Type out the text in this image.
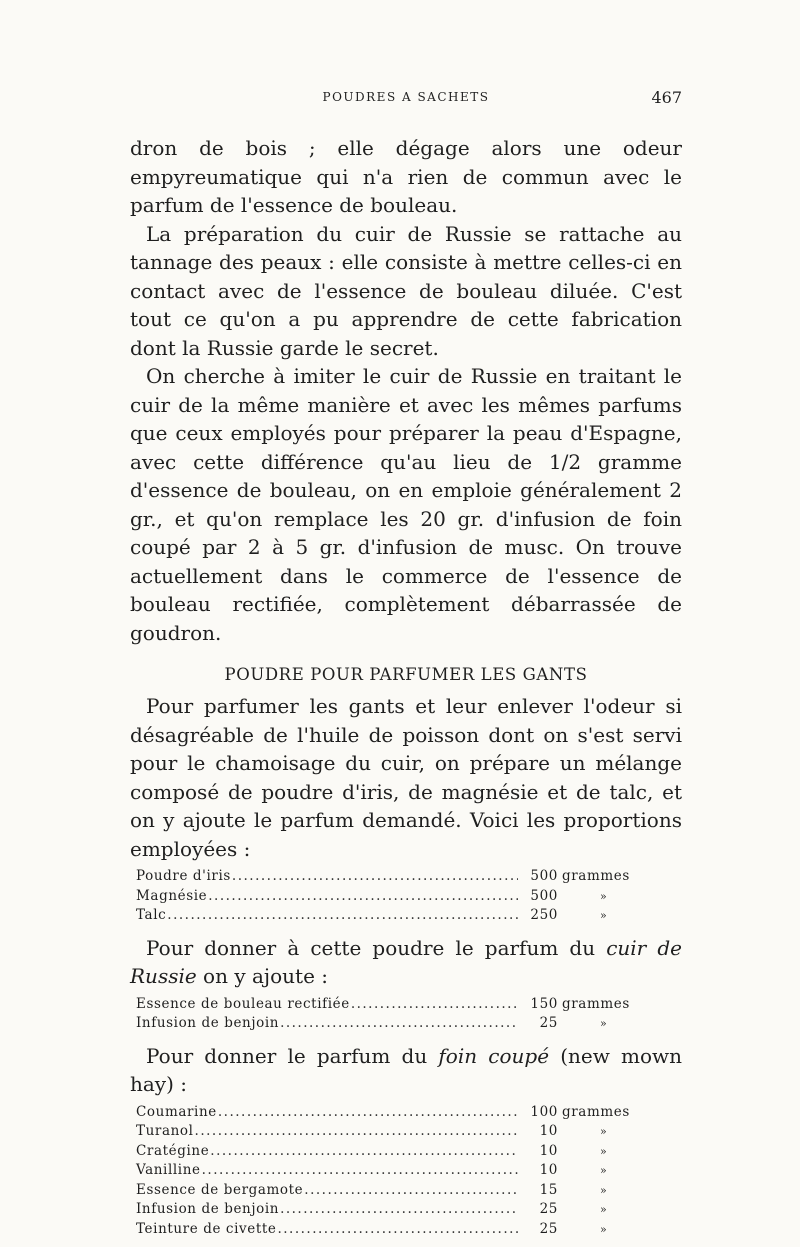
POUDRES A SACHETS	467

dron de bois ; elle dégage alors une odeur empyreumatique qui n'a rien de commun avec le parfum de l'essence de bouleau.

La préparation du cuir de Russie se rattache au tannage des peaux : elle consiste à mettre celles-ci en contact avec de l'essence de bouleau diluée. C'est tout ce qu'on a pu apprendre de cette fabrication dont la Russie garde le secret.

On cherche à imiter le cuir de Russie en traitant le cuir de la même manière et avec les mêmes parfums que ceux employés pour préparer la peau d'Espagne, avec cette différence qu'au lieu de 1/2 gramme d'essence de bouleau, on en emploie généralement 2 gr., et qu'on remplace les 20 gr. d'infusion de foin coupé par 2 à 5 gr. d'infusion de musc. On trouve actuellement dans le commerce de l'essence de bouleau rectifiée, complètement débarrassée de goudron.

POUDRE POUR PARFUMER LES GANTS

Pour parfumer les gants et leur enlever l'odeur si désagréable de l'huile de poisson dont on s'est servi pour le chamoisage du cuir, on prépare un mélange composé de poudre d'iris, de magnésie et de talc, et on y ajoute le parfum demandé. Voici les proportions employées :

Poudre d'iris .....	500 grammes
Magnésie .....	500	»
Talc .....	250	»

Pour donner à cette poudre le parfum du cuir de Russie on y ajoute :

Essence de bouleau rectifiée .....	150 grammes
Infusion de benjoin .....	25	»

Pour donner le parfum du foin coupé (new mown hay) :

Coumarine .....	100 grammes
Turanol .....	10	»
Cratégine .....	10	»
Vanilline .....	10	»
Essence de bergamote .....	15	»
Infusion de benjoin .....	25	»
Teinture de civette .....	25	»
